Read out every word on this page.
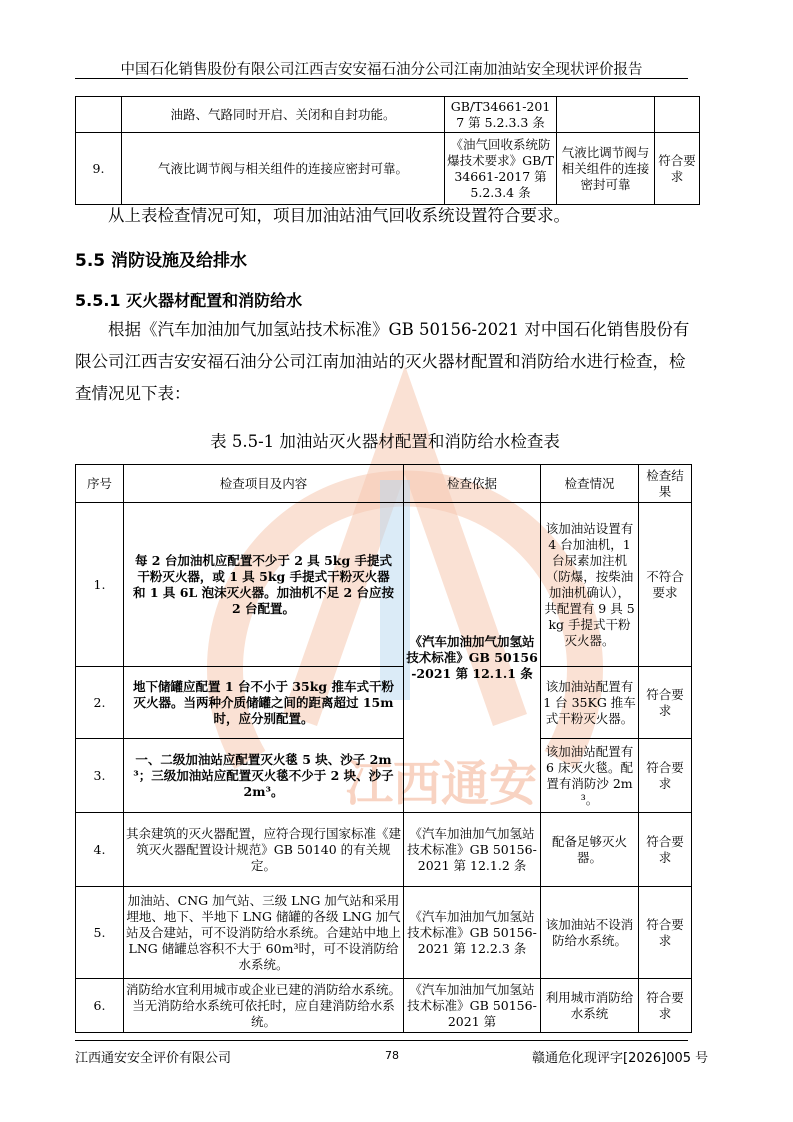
江西通安
中国石化销售股份有限公司江西吉安安福石油分公司江南加油站安全现状评价报告
	油路、气路同时开启、关闭和自封功能。	GB/T34661-2017 第 5.2.3.3 条		
9.	气液比调节阀与相关组件的连接应密封可靠。	《油气回收系统防爆技术要求》GB/T34661-2017 第 5.2.3.4 条	气液比调节阀与相关组件的连接密封可靠	符合要求
从上表检查情况可知，项目加油站油气回收系统设置符合要求。
5.5 消防设施及给排水
5.5.1 灭火器材配置和消防给水
根据《汽车加油加气加氢站技术标准》GB 50156-2021 对中国石化销售股份有限公司江西吉安安福石油分公司江南加油站的灭火器材配置和消防给水进行检查，检查情况见下表：
表 5.5-1 加油站灭火器材配置和消防给水检查表
序号	检查项目及内容	检查依据	检查情况	检查结果
1.	每 2 台加油机应配置不少于 2 具 5kg 手提式干粉灭火器，或 1 具 5kg 手提式干粉灭火器和 1 具 6L 泡沫灭火器。加油机不足 2 台应按 2 台配置。	《汽车加油加气加氢站技术标准》GB 50156-2021 第 12.1.1 条	该加油站设置有 4 台加油机，1 台尿素加注机（防爆，按柴油加油机确认），共配置有 9 具 5kg 手提式干粉灭火器。	不符合要求
2.	地下储罐应配置 1 台不小于 35kg 推车式干粉灭火器。当两种介质储罐之间的距离超过 15m 时，应分别配置。		该加油站配置有 1 台 35KG 推车式干粉灭火器。	符合要求
3.	一、二级加油站应配置灭火毯 5 块、沙子 2m³；三级加油站应配置灭火毯不少于 2 块、沙子 2m³。		该加油站配置有 6 床灭火毯。配置有消防沙 2m³。	符合要求
4.	其余建筑的灭火器配置，应符合现行国家标准《建筑灭火器配置设计规范》GB 50140 的有关规定。	《汽车加油加气加氢站技术标准》GB 50156-2021 第 12.1.2 条	配备足够灭火器。	符合要求
5.	加油站、CNG 加气站、三级 LNG 加气站和采用埋地、地下、半地下 LNG 储罐的各级 LNG 加气站及合建站，可不设消防给水系统。合建站中地上 LNG 储罐总容积不大于 60m³时，可不设消防给水系统。	《汽车加油加气加氢站技术标准》GB 50156-2021 第 12.2.3 条	该加油站不设消防给水系统。	符合要求
6.	消防给水宜利用城市或企业已建的消防给水系统。当无消防给水系统可依托时，应自建消防给水系统。	《汽车加油加气加氢站技术标准》GB 50156-2021 第	利用城市消防给水系统	符合要求
江西通安安全评价有限公司	78	赣通危化现评字[2026]005 号
